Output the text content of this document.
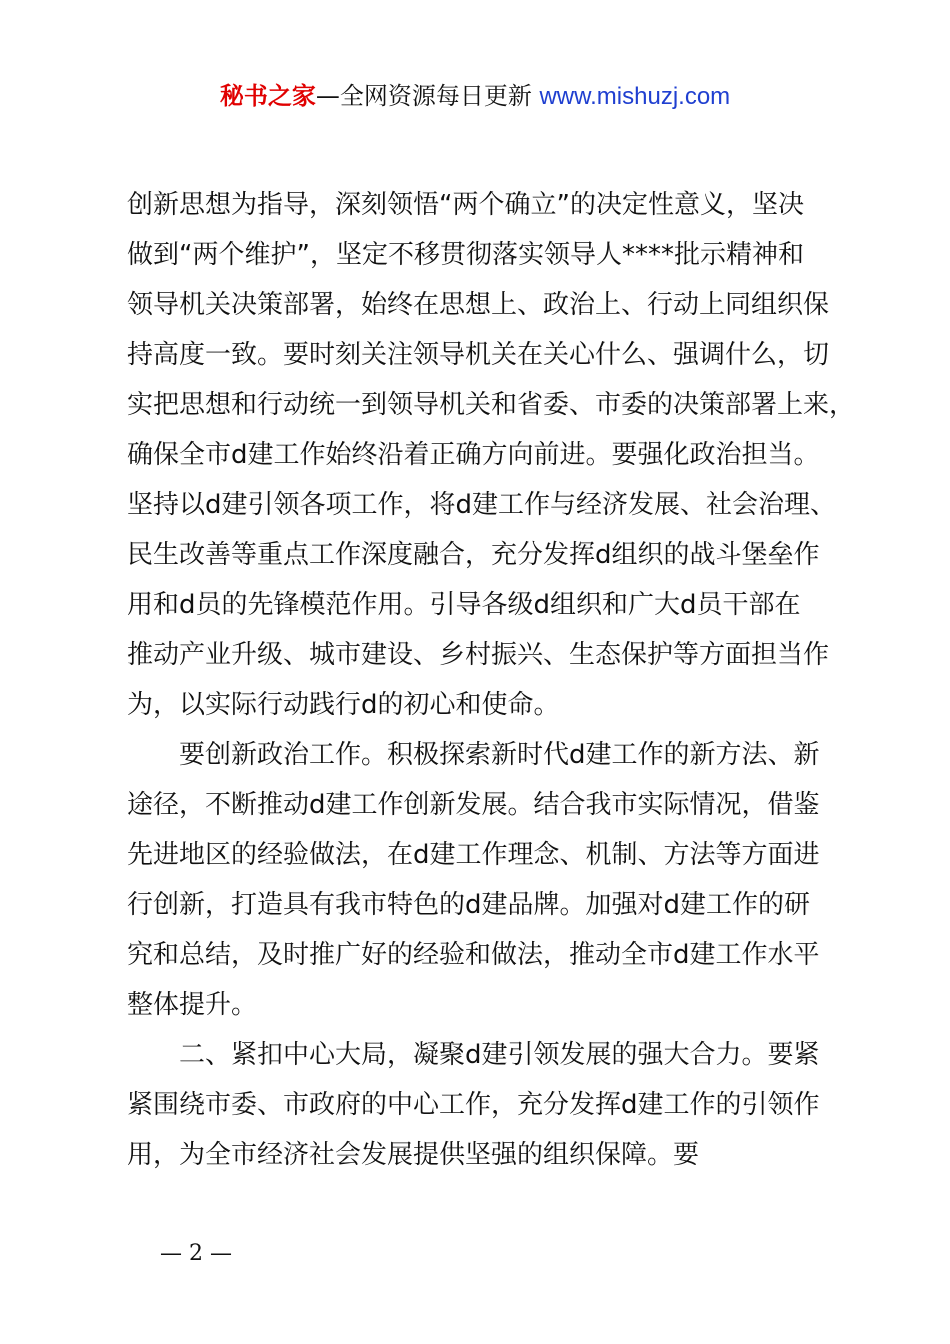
秘书之家—全网资源每日更新 www.mishuzj.com
创新思想为指导，深刻领悟“两个确立”的决定性意义，坚决
做到“两个维护”，坚定不移贯彻落实领导人****批示精神和
领导机关决策部署，始终在思想上、政治上、行动上同组织保
持高度一致。要时刻关注领导机关在关心什么、强调什么，切
实把思想和行动统一到领导机关和省委、市委的决策部署上来，
确保全市d建工作始终沿着正确方向前进。要强化政治担当。
坚持以d建引领各项工作，将d建工作与经济发展、社会治理、
民生改善等重点工作深度融合，充分发挥d组织的战斗堡垒作
用和d员的先锋模范作用。引导各级d组织和广大d员干部在
推动产业升级、城市建设、乡村振兴、生态保护等方面担当作
为，以实际行动践行d的初心和使命。
要创新政治工作。积极探索新时代d建工作的新方法、新
途径，不断推动d建工作创新发展。结合我市实际情况，借鉴
先进地区的经验做法，在d建工作理念、机制、方法等方面进
行创新，打造具有我市特色的d建品牌。加强对d建工作的研
究和总结，及时推广好的经验和做法，推动全市d建工作水平
整体提升。
二、紧扣中心大局，凝聚d建引领发展的强大合力。要紧
紧围绕市委、市政府的中心工作，充分发挥d建工作的引领作
用，为全市经济社会发展提供坚强的组织保障。要
— 2 —
